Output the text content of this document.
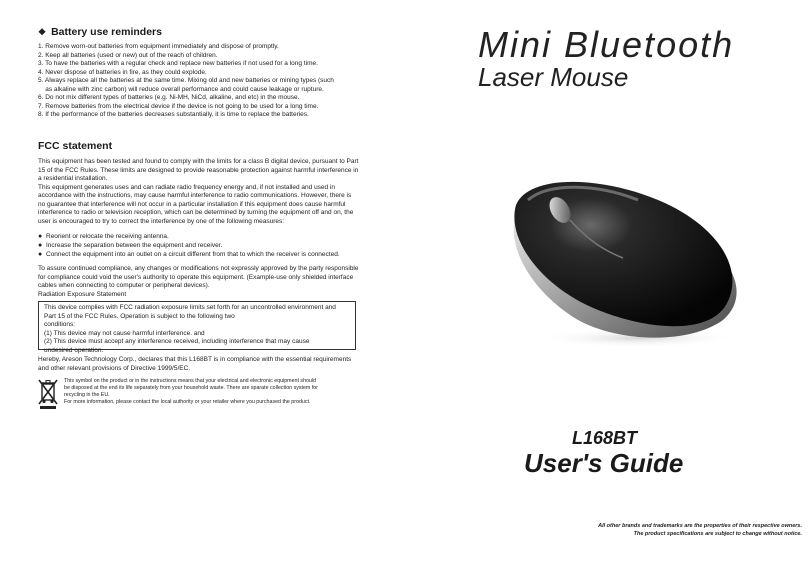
❖ Battery use reminders
1. Remove worn-out batteries from equipment immediately and dispose of promptly.
2. Keep all batteries (used or new) out of the reach of children.
3. To have the batteries with a regular check and replace new batteries if not used for a long time.
4. Never dispose of batteries in fire, as they could explode.
5. Always replace all the batteries at the same time. Mixing old and new batteries or mining types (such
as alkaline with zinc carbon) will reduce overall performance and could cause leakage or rupture.
6. Do not mix different types of batteries (e.g. Ni-MH, NiCd, alkaline, and etc) in the mouse.
7. Remove batteries from the electrical device if the device is not going to be used for a long time.
8. If the performance of the batteries decreases substantially, it is time to replace the batteries.
FCC statement

This equipment has been tested and found to comply with the limits for a class B digital device, pursuant to Part 15 of the FCC Rules. These limits are designed to provide reasonable protection against harmful interference in a residential installation.

This equipment generates uses and can radiate radio frequency energy and, if not installed and used in accordance with the instructions, may cause harmful interference to radio communications. However, there is no guarantee that interference will not occur in a particular installation if this equipment does cause harmful interference to radio or television reception, which can be determined by turning the equipment off and on, the user is encouraged to try to correct the interference by one of the following measures:

● Reorient or relocate the receiving antenna.
● Increase the separation between the equipment and receiver.
● Connect the equipment into an outlet on a circuit different from that to which the receiver is connected.

To assure continued compliance, any changes or modifications not expressly approved by the party responsible for compliance could void the user's authority to operate this equipment. (Example-use only shielded interface cables when connecting to computer or peripheral devices).

Radiation Exposure Statement

This device complies with FCC radiation exposure limits set forth for an uncontrolled environment and

Part 15 of the FCC Rules. Operation is subject to the following two

conditions:

(1) This device may not cause harmful interference. and

(2) This device must accept any interference received, including interference that may cause

undesired operation.

Hereby, Areson Technology Corp., declares that this L168BT is in compliance with the essential requirements and other relevant provisions of Directive 1999/5/EC.

This symbol on the product or in the instructions means that your electrical and electronic equipment should

be disposed at the end its life separately from your household waste. There are sparate collection system for

recycling in the EU.

For more information, please contact the local authority or your retailer where you purchased the product.

Mini Bluetooth
Laser Mouse
L168BT
User's Guide
All other brands and trademarks are the properties of their respective owners.
The product specifications are subject to change without notice.
